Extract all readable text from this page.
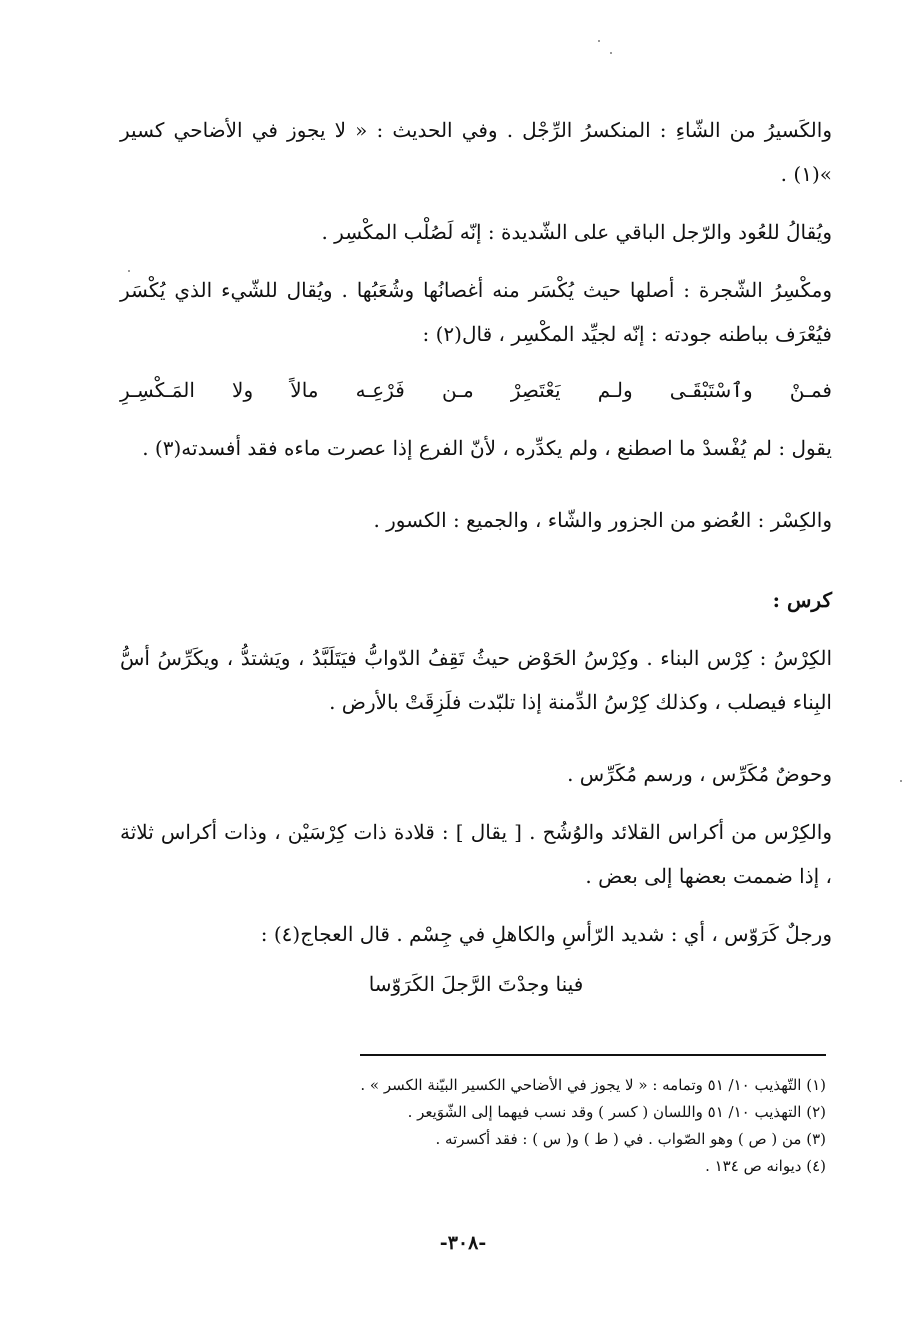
والكَسيرُ من الشّاءِ : المنكسرُ الرِّجْل . وفي الحديث : « لا يجوز في الأضاحي كسير »(١) .

ويُقالُ للعُود والرّجل الباقي على الشّديدة : إنّه لَصُلْب المكْسِر .

ومكْسِرُ الشّجرة : أصلها حيث يُكْسَر منه أغصانُها وشُعَبُها . ويُقال للشّيء الذي يُكْسَر فيُعْرَف بباطنه جودته : إنّه لجيِّد المكْسِر ، قال(٢) :

فمـنْ
وٱسْتَبْقَـى
ولـم
يَعْتَصِرْ
مـن
فَرْعِـه
مالاً
ولا
المَـكْسِـرِ

يقول : لم يُفْسدْ ما اصطنع ، ولم يكدِّره ، لأنّ الفرع إذا عصرت ماءه فقد أفسدته(٣) .

والكِسْر : العُضو من الجزور والشّاء ، والجميع : الكسور .

كرس :

الكِرْسُ : كِرْس البناء . وكِرْسُ الحَوْض حيثُ تَقِفُ الدّوابُّ فيَتَلَبَّدُ ، ويَشتدُّ ، ويكَرِّسُ أسُّ البِناء فيصلب ، وكذلك كِرْسُ الدِّمنة إذا تلبّدت فلَزِقَتْ بالأرض .

وحوضٌ مُكَرِّس ، ورسم مُكَرِّس .

والكِرْس من أكراس القلائد والوُشُح . [ يقال ] : قلادة ذات كِرْسَيْن ، وذات أكراس ثلاثة ، إذا ضممت بعضها إلى بعض .

ورجلٌ كَرَوّس ، أي : شديد الرّأسِ والكاهلِ في جِسْم . قال العجاج(٤) :

فينا وجدْتَ الرَّجلَ الكَرَوّسا

(١) التّهذيب ١٠/ ٥١ وتمامه : « لا يجوز في الأضاحي الكسير البيّنة الكسر » .

(٢) التهذيب ١٠/ ٥١ واللسان ( كسر ) وقد نسب فيهما إلى الشّوَيعر .

(٣) من ( ص ) وهو الصّواب . في ( ط ) و( س ) : فقد أكسرته .

(٤) ديوانه ص ١٣٤ .

-٣٠٨-
